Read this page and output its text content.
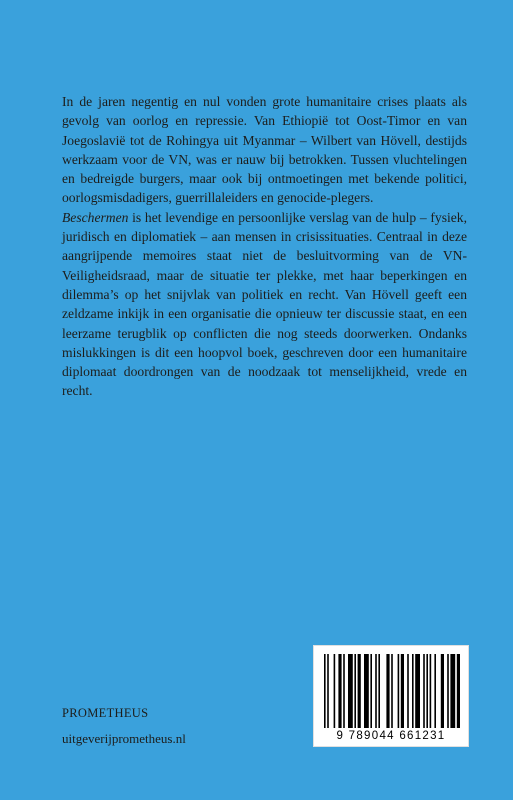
In de jaren negentig en nul vonden grote humanitaire crises plaats als gevolg van oorlog en repressie. Van Ethiopië tot Oost-Timor en van Joegoslavië tot de Rohingya uit Myanmar – Wilbert van Hövell, destijds werkzaam voor de VN, was er nauw bij betrokken. Tussen vluchtelingen en bedreigde burgers, maar ook bij ontmoetingen met bekende politici, oorlogsmisdadigers, guerrillaleiders en genocide-plegers.

Beschermen is het levendige en persoonlijke verslag van de hulp – fysiek, juridisch en diplomatiek – aan mensen in crisissituaties. Centraal in deze aangrijpende memoires staat niet de besluitvorming van de VN-Veiligheidsraad, maar de situatie ter plekke, met haar beperkingen en dilemma’s op het snijvlak van politiek en recht. Van Hövell geeft een zeldzame inkijk in een organisatie die opnieuw ter discussie staat, en een leerzame terugblik op conflicten die nog steeds doorwerken. Ondanks mislukkingen is dit een hoopvol boek, geschreven door een humanitaire diplomaat doordrongen van de noodzaak tot menselijkheid, vrede en recht.

PROMETHEUS
uitgeverijprometheus.nl	9 789044 661231
